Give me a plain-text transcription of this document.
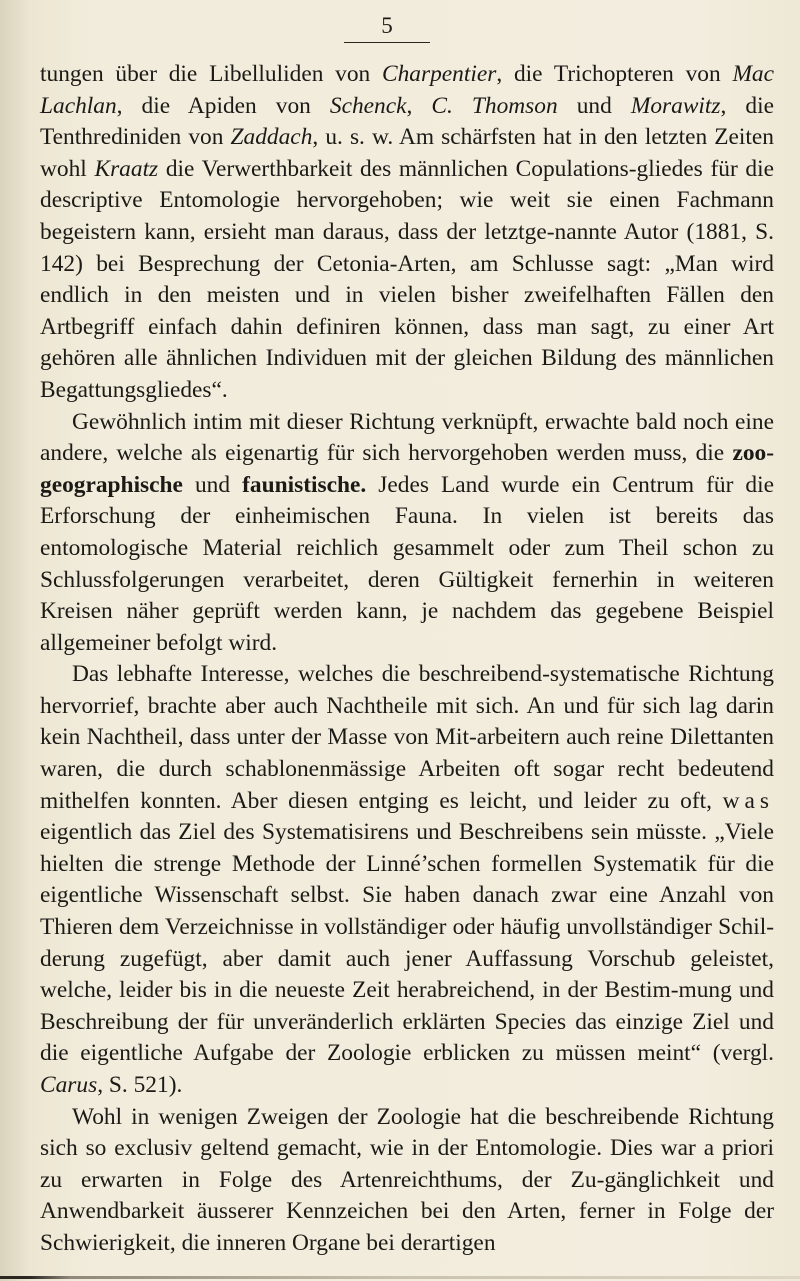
5

tungen über die Libelluliden von Charpentier, die Trichopteren von Mac Lachlan, die Apiden von Schenck, C. Thomson und Morawitz, die Tenthrediniden von Zaddach, u. s. w. Am schärfsten hat in den letzten Zeiten wohl Kraatz die Verwerthbarkeit des männlichen Copulations-gliedes für die descriptive Entomologie hervorgehoben; wie weit sie einen Fachmann begeistern kann, ersieht man daraus, dass der letztge-nannte Autor (1881, S. 142) bei Besprechung der Cetonia-Arten, am Schlusse sagt: „Man wird endlich in den meisten und in vielen bisher zweifelhaften Fällen den Artbegriff einfach dahin definiren können, dass man sagt, zu einer Art gehören alle ähnlichen Individuen mit der gleichen Bildung des männlichen Begattungsgliedes“.

Gewöhnlich intim mit dieser Richtung verknüpft, erwachte bald noch eine andere, welche als eigenartig für sich hervorgehoben werden muss, die zoo-geographische und faunistische. Jedes Land wurde ein Centrum für die Erforschung der einheimischen Fauna. In vielen ist bereits das entomologische Material reichlich gesammelt oder zum Theil schon zu Schlussfolgerungen verarbeitet, deren Gültigkeit fernerhin in weiteren Kreisen näher geprüft werden kann, je nachdem das gegebene Beispiel allgemeiner befolgt wird.

Das lebhafte Interesse, welches die beschreibend-systematische Richtung hervorrief, brachte aber auch Nachtheile mit sich. An und für sich lag darin kein Nachtheil, dass unter der Masse von Mit-arbeitern auch reine Dilettanten waren, die durch schablonenmässige Arbeiten oft sogar recht bedeutend mithelfen konnten. Aber diesen entging es leicht, und leider zu oft, was eigentlich das Ziel des Systematisirens und Beschreibens sein müsste. „Viele hielten die strenge Methode der Linné’schen formellen Systematik für die eigentliche Wissenschaft selbst. Sie haben danach zwar eine Anzahl von Thieren dem Verzeichnisse in vollständiger oder häufig unvollständiger Schil-derung zugefügt, aber damit auch jener Auffassung Vorschub geleistet, welche, leider bis in die neueste Zeit herabreichend, in der Bestim-mung und Beschreibung der für unveränderlich erklärten Species das einzige Ziel und die eigentliche Aufgabe der Zoologie erblicken zu müssen meint“ (vergl. Carus, S. 521).

Wohl in wenigen Zweigen der Zoologie hat die beschreibende Richtung sich so exclusiv geltend gemacht, wie in der Entomologie. Dies war a priori zu erwarten in Folge des Artenreichthums, der Zu-gänglichkeit und Anwendbarkeit äusserer Kennzeichen bei den Arten, ferner in Folge der Schwierigkeit, die inneren Organe bei derartigen
